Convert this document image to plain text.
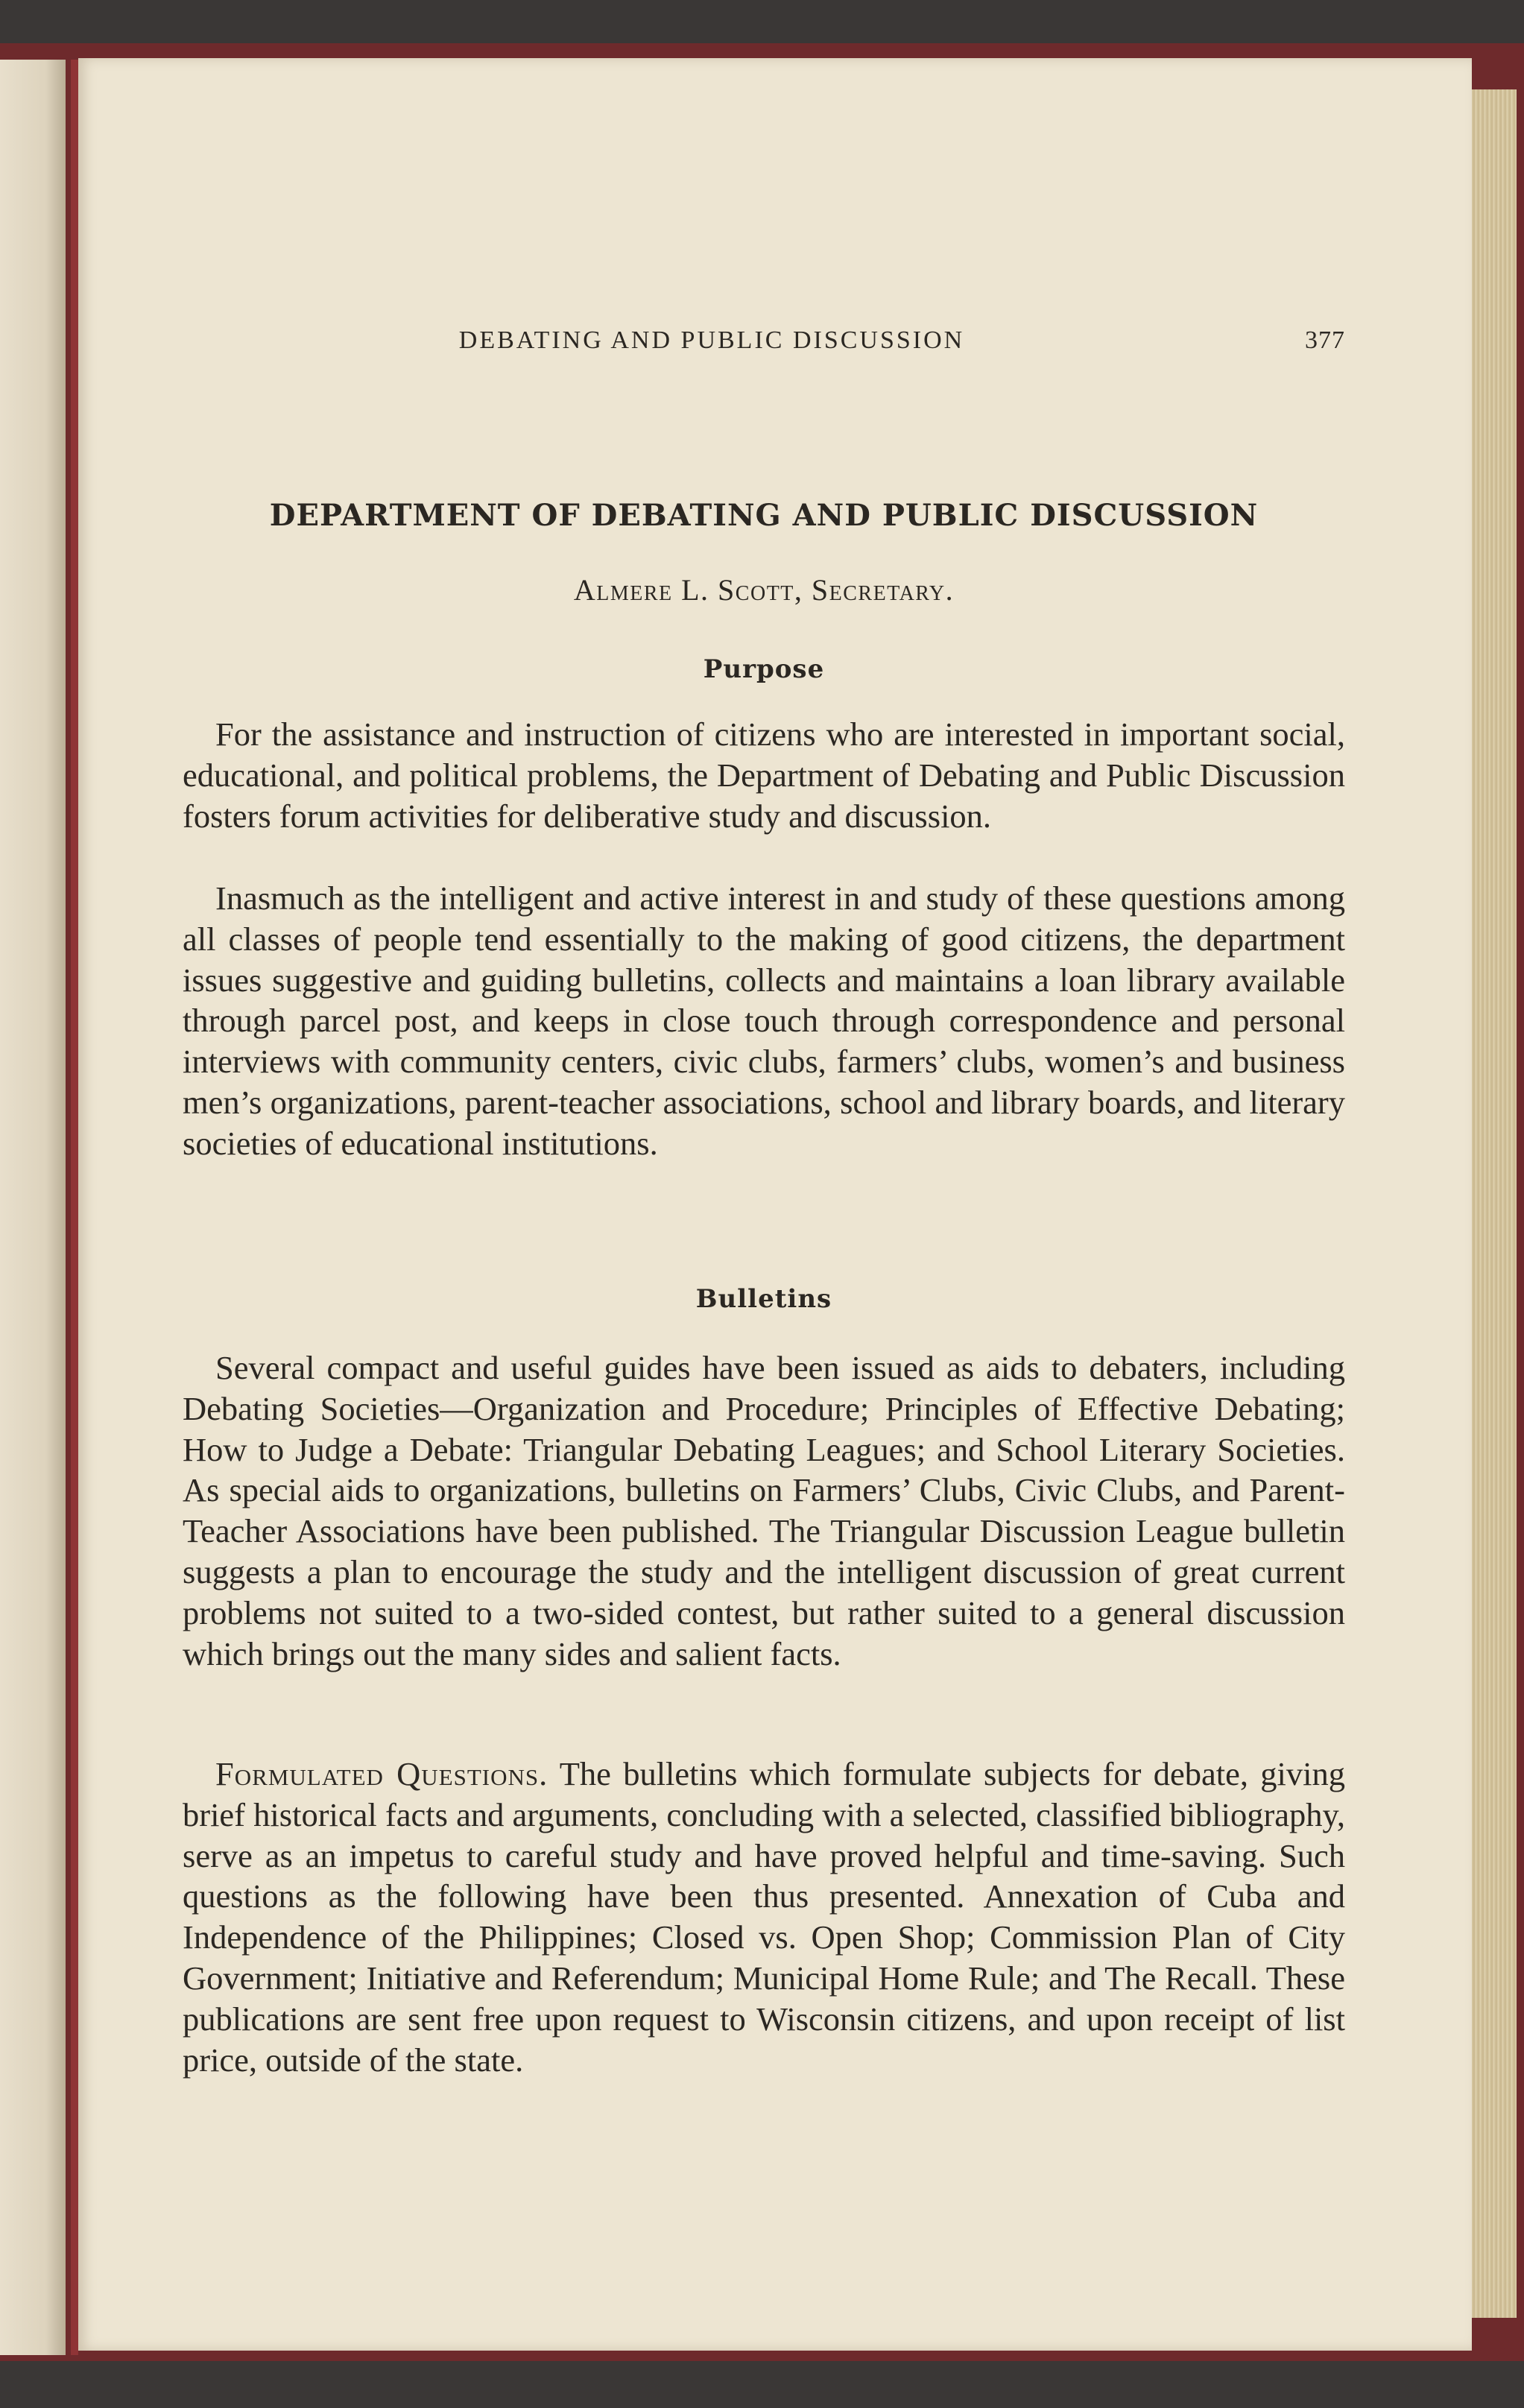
DEBATING AND PUBLIC DISCUSSION	377
DEPARTMENT OF DEBATING AND PUBLIC DISCUSSION
Almere L. Scott, Secretary.
Purpose

For the assistance and instruction of citizens who are interested in important social, educational, and political problems, the Department of Debating and Public Discussion fosters forum activities for deliberative study and discussion.

Inasmuch as the intelligent and active interest in and study of these questions among all classes of people tend essentially to the making of good citizens, the department issues suggestive and guiding bulletins, collects and maintains a loan library available through parcel post, and keeps in close touch through correspondence and personal interviews with community centers, civic clubs, farmers’ clubs, women’s and business men’s organizations, parent-teacher associations, school and library boards, and literary societies of educational institutions.

Bulletins

Several compact and useful guides have been issued as aids to debaters, including Debating Societies—Organization and Procedure; Principles of Effective Debating; How to Judge a Debate: Triangular Debating Leagues; and School Literary Societies. As special aids to organizations, bulletins on Farmers’ Clubs, Civic Clubs, and Parent-Teacher Associations have been published. The Triangular Discussion League bulletin suggests a plan to encourage the study and the intelligent discussion of great current problems not suited to a two-sided contest, but rather suited to a general discussion which brings out the many sides and salient facts.

Formulated Questions. The bulletins which formulate subjects for debate, giving brief historical facts and arguments, concluding with a selected, classified bibliography, serve as an impetus to careful study and have proved helpful and time-saving. Such questions as the following have been thus presented. Annexation of Cuba and Independence of the Philippines; Closed vs. Open Shop; Commission Plan of City Government; Initiative and Referendum; Municipal Home Rule; and The Recall. These publications are sent free upon request to Wisconsin citizens, and upon receipt of list price, outside of the state.
